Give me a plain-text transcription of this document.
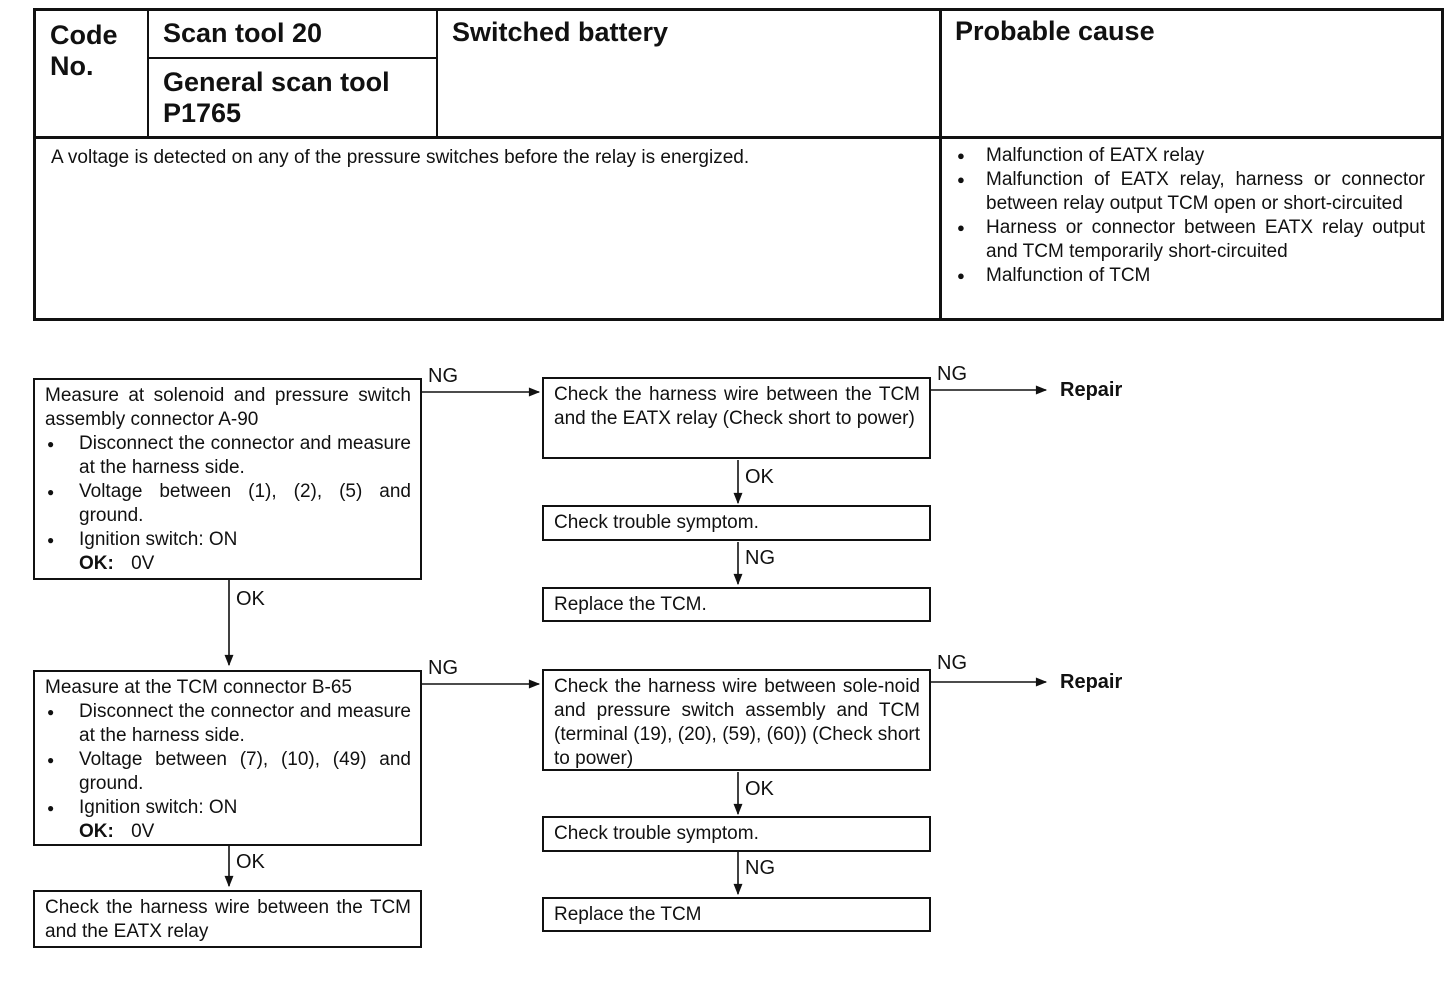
Code No.
Scan tool 20
General scan tool
P1765
Switched battery	Probable cause
A voltage is detected on any of the pressure switches before the relay is energized.
●	Malfunction of EATX relay
● Malfunction of EATX relay, harness or connector between relay output TCM open or short-circuited
● Harness or connector between EATX relay output and TCM temporarily short-circuited
● Malfunction of TCM

Measure at solenoid and pressure switch assembly connector A-90

● Disconnect the connector and measure at the harness side.
● Voltage between (1), (2), (5) and ground.
● Ignition switch: ON
OK: 0V

Measure at the TCM connector B-65

● Disconnect the connector and measure at the harness side.
● Voltage between (7), (10), (49) and ground.
● Ignition switch: ON
OK: 0V

Check the harness wire between the TCM and the EATX relay

Check the harness wire between the TCM and the EATX relay (Check short to power)

Check trouble symptom.

Replace the TCM.

Check the harness wire between sole-noid and pressure switch assembly and TCM (terminal (19), (20), (59), (60)) (Check short to power)

Check trouble symptom.

Replace the TCM

NG	NG
OK
NG
OK
NG	NG
OK
NG
OK
Repair
Repair
